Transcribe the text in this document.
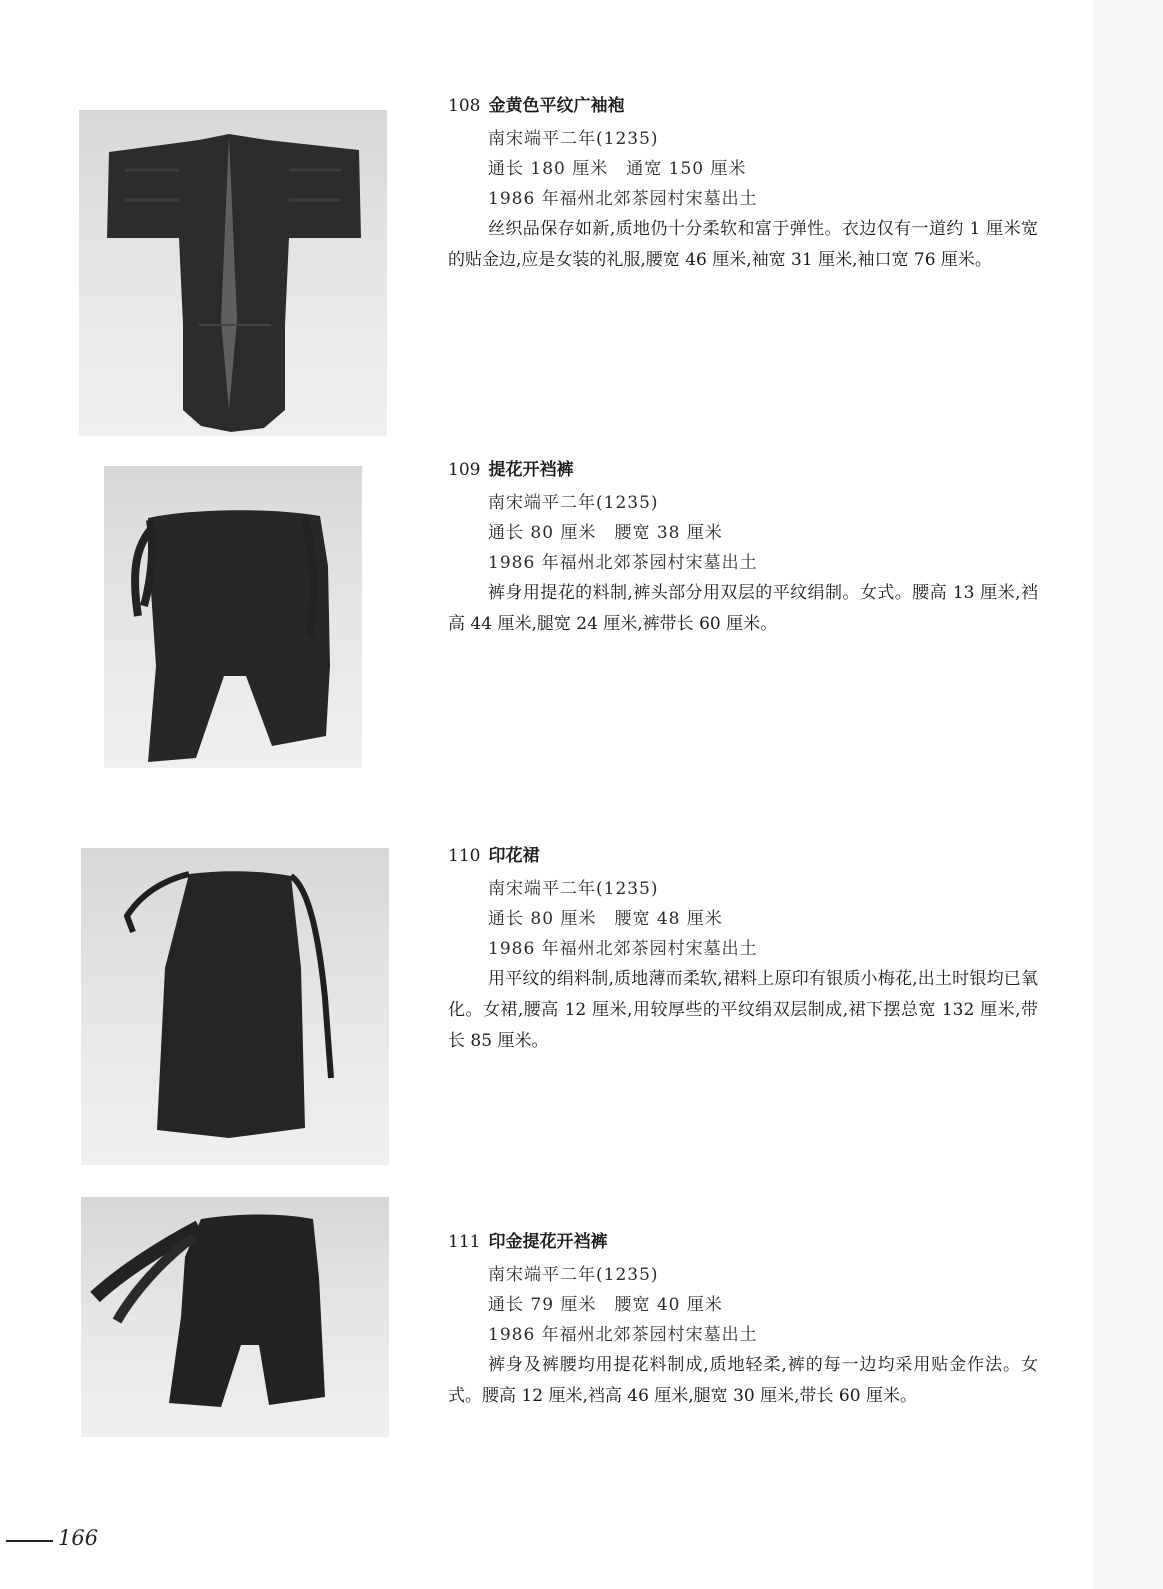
108 金黄色平纹广袖袍
南宋端平二年(1235)
通长 180 厘米　通宽 150 厘米
1986 年福州北郊茶园村宋墓出土

丝织品保存如新,质地仍十分柔软和富于弹性。衣边仅有一道约 1 厘米宽的贴金边,应是女装的礼服,腰宽 46 厘米,袖宽 31 厘米,袖口宽 76 厘米。

109 提花开裆裤
南宋端平二年(1235)
通长 80 厘米　腰宽 38 厘米
1986 年福州北郊茶园村宋墓出土

裤身用提花的料制,裤头部分用双层的平纹绢制。女式。腰高 13 厘米,裆高 44 厘米,腿宽 24 厘米,裤带长 60 厘米。

110 印花裙
南宋端平二年(1235)
通长 80 厘米　腰宽 48 厘米
1986 年福州北郊茶园村宋墓出土

用平纹的绢料制,质地薄而柔软,裙料上原印有银质小梅花,出土时银均已氧化。女裙,腰高 12 厘米,用较厚些的平纹绢双层制成,裙下摆总宽 132 厘米,带长 85 厘米。

111 印金提花开裆裤
南宋端平二年(1235)
通长 79 厘米　腰宽 40 厘米
1986 年福州北郊茶园村宋墓出土

裤身及裤腰均用提花料制成,质地轻柔,裤的每一边均采用贴金作法。女式。腰高 12 厘米,裆高 46 厘米,腿宽 30 厘米,带长 60 厘米。

166
